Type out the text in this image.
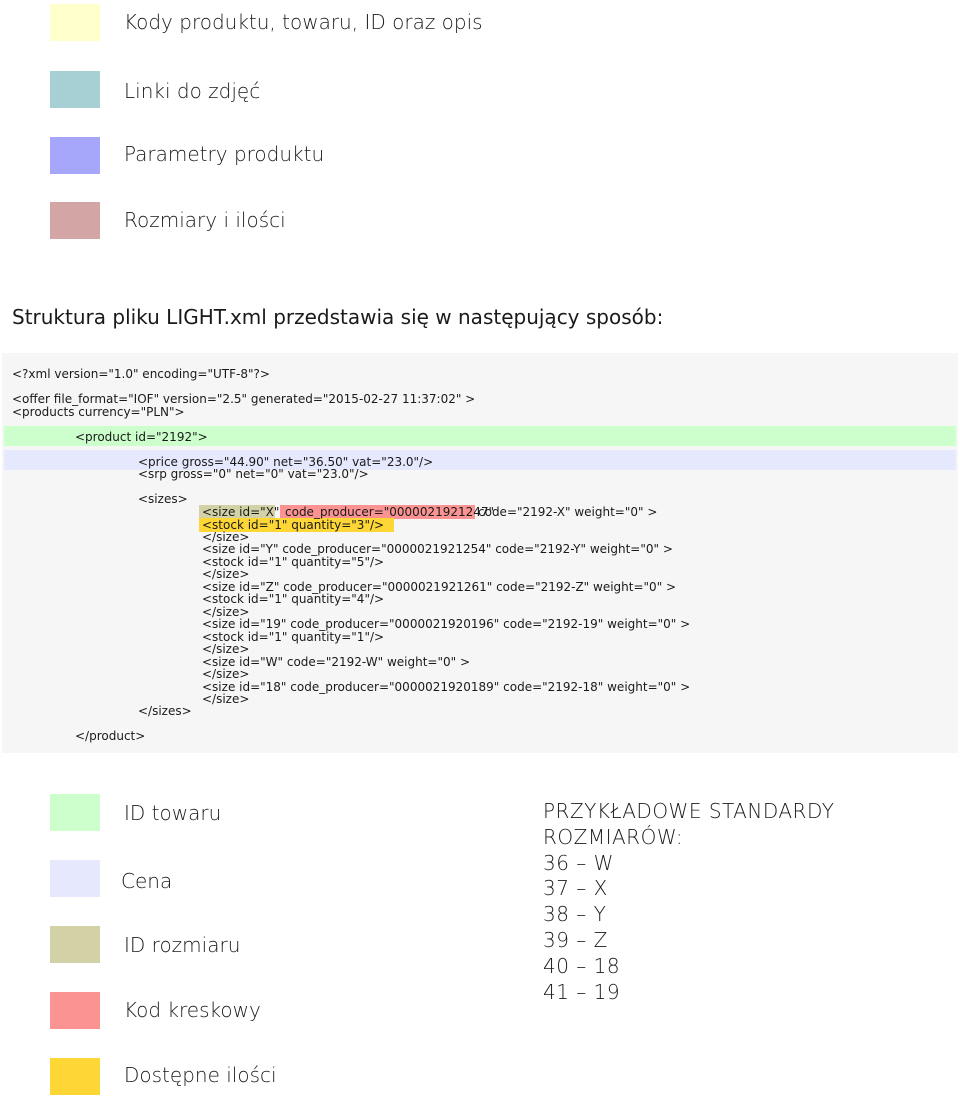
Kody produktu, towaru, ID oraz opis
Linki do zdjęć
Parametry produktu
Rozmiary i ilości
Struktura pliku LIGHT.xml przedstawia się w następujący sposób:
<?xml version="1.0" encoding="UTF-8"?>
<offer file_format="IOF" version="2.5" generated="2015-02-27 11:37:02" >
<products currency="PLN">
<product id="2192">
<price gross="44.90" net="36.50" vat="23.0"/>
<srp gross="0" net="0" vat="23.0"/>
<sizes>
<size id="X" code_producer="0000021921247"
code="2192-X" weight="0" >
<stock id="1" quantity="3"/>
</size>
<size id="Y" code_producer="0000021921254" code="2192-Y" weight="0" >
<stock id="1" quantity="5"/>
</size>
<size id="Z" code_producer="0000021921261" code="2192-Z" weight="0" >
<stock id="1" quantity="4"/>
</size>
<size id="19" code_producer="0000021920196" code="2192-19" weight="0" >
<stock id="1" quantity="1"/>
</size>
<size id="W" code="2192-W" weight="0" >
</size>
<size id="18" code_producer="0000021920189" code="2192-18" weight="0" >
</size>
</sizes>
</product>
ID towaru
Cena
ID rozmiaru
Kod kreskowy
Dostępne ilości
PRZYKŁADOWE STANDARDY
ROZMIARÓW:
36 – W
37 – X
38 – Y
39 – Z
40 – 18
41 – 19
